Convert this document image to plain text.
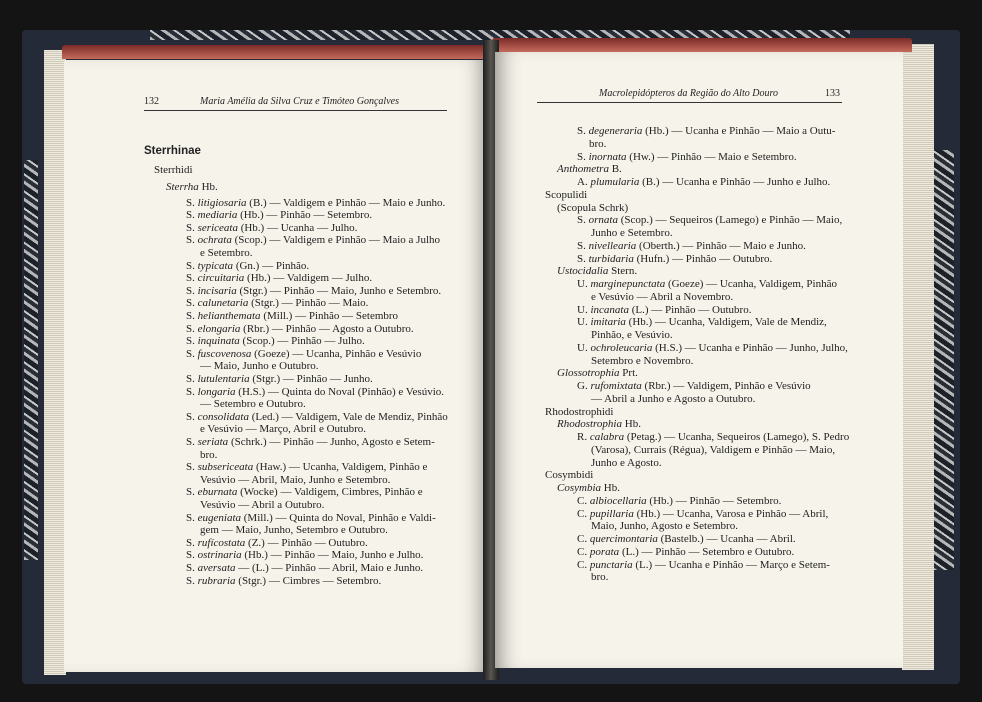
132	Maria Amélia da Silva Cruz e Timóteo Gonçalves
Sterrhinae
Sterrhidi
Sterrha Hb.
S. litigiosaria (B.) — Valdigem e Pinhão — Maio e Junho.
S. mediaria (Hb.) — Pinhão — Setembro.
S. sericeata (Hb.) — Ucanha — Julho.
S. ochrata (Scop.) — Valdigem e Pinhão — Maio a Julho
e Setembro.
S. typicata (Gn.) — Pinhão.
S. circuitaria (Hb.) — Valdigem — Julho.
S. incisaria (Stgr.) — Pinhão — Maio, Junho e Setembro.
S. calunetaria (Stgr.) — Pinhão — Maio.
S. helianthemata (Mill.) — Pinhão — Setembro
S. elongaria (Rbr.) — Pinhão — Agosto a Outubro.
S. inquinata (Scop.) — Pinhão — Julho.
S. fuscovenosa (Goeze) — Ucanha, Pinhão e Vesúvio
— Maio, Junho e Outubro.
S. lutulentaria (Stgr.) — Pinhão — Junho.
S. longaria (H.S.) — Quinta do Noval (Pinhão) e Vesúvio.
— Setembro e Outubro.
S. consolidata (Led.) — Valdigem, Vale de Mendiz, Pinhão
e Vesúvio — Março, Abril e Outubro.
S. seriata (Schrk.) — Pinhão — Junho, Agosto e Setem-
bro.
S. subsericeata (Haw.) — Ucanha, Valdigem, Pinhão e
Vesúvio — Abril, Maio, Junho e Setembro.
S. eburnata (Wocke) — Valdigem, Cimbres, Pinhão e
Vesúvio — Abril a Outubro.
S. eugeniata (Mill.) — Quinta do Noval, Pinhão e Valdi-
gem — Maio, Junho, Setembro e Outubro.
S. rufícostata (Z.) — Pinhão — Outubro.
S. ostrinaria (Hb.) — Pinhão — Maio, Junho e Julho.
S. aversata — (L.) — Pinhão — Abril, Maio e Junho.
S. rubraria (Stgr.) — Cimbres — Setembro.
Macrolepidópteros da Região do Alto Douro	133
S. degeneraria (Hb.) — Ucanha e Pinhão — Maio a Outu-
bro.
S. inornata (Hw.) — Pinhão — Maio e Setembro.
Anthometra B.
A. plumularia (B.) — Ucanha e Pinhão — Junho e Julho.
Scopulidi
(Scopula Schrk)
S. ornata (Scop.) — Sequeiros (Lamego) e Pinhão — Maio,
Junho e Setembro.
S. nivellearia (Oberth.) — Pinhão — Maio e Junho.
S. turbidaria (Hufn.) — Pinhão — Outubro.
Ustocidalia Stern.
U. marginepunctata (Goeze) — Ucanha, Valdigem, Pinhão
e Vesúvio — Abril a Novembro.
U. incanata (L.) — Pinhão — Outubro.
U. imitaria (Hb.) — Ucanha, Valdigem, Vale de Mendiz,
Pinhão, e Vesúvio.
U. ochroleucaria (H.S.) — Ucanha e Pinhão — Junho, Julho,
Setembro e Novembro.
Glossotrophia Prt.
G. rufomixtata (Rbr.) — Valdigem, Pinhão e Vesúvio
— Abril a Junho e Agosto a Outubro.
Rhodostrophidi
Rhodostrophia Hb.
R. calabra (Petag.) — Ucanha, Sequeiros (Lamego), S. Pedro
(Varosa), Currais (Régua), Valdigem e Pinhão — Maio,
Junho e Agosto.
Cosymbidi
Cosymbia Hb.
C. albiocellaria (Hb.) — Pinhão — Setembro.
C. pupillaria (Hb.) — Ucanha, Varosa e Pinhão — Abril,
Maio, Junho, Agosto e Setembro.
C. quercimontaria (Bastelb.) — Ucanha — Abril.
C. porata (L.) — Pinhão — Setembro e Outubro.
C. punctaria (L.) — Ucanha e Pinhão — Março e Setem-
bro.
